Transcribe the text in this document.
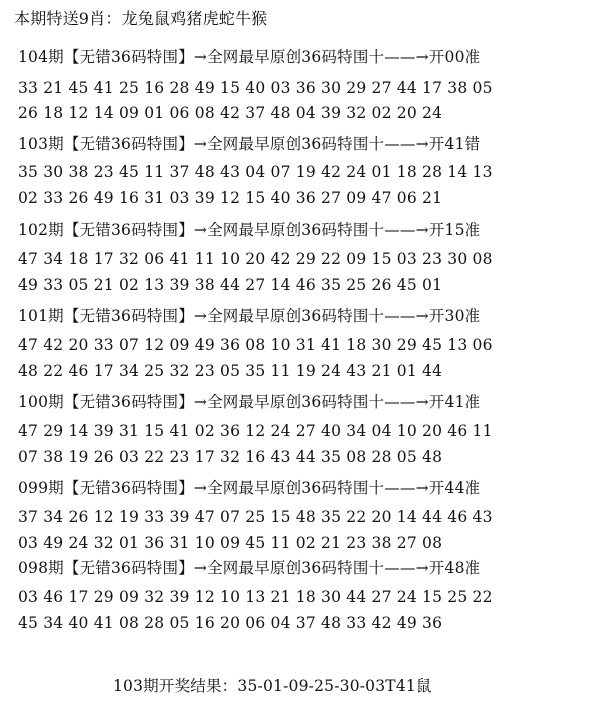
本期特送9肖：龙兔鼠鸡猪虎蛇牛猴
104期【无错36码特围】→全网最早原创36码特围十——→开00准
33 21 45 41 25 16 28 49 15 40 03 36 30 29 27 44 17 38 05
26 18 12 14 09 01 06 08 42 37 48 04 39 32 02 20 24
103期【无错36码特围】→全网最早原创36码特围十——→开41错
35 30 38 23 45 11 37 48 43 04 07 19 42 24 01 18 28 14 13
02 33 26 49 16 31 03 39 12 15 40 36 27 09 47 06 21
102期【无错36码特围】→全网最早原创36码特围十——→开15准
47 34 18 17 32 06 41 11 10 20 42 29 22 09 15 03 23 30 08
49 33 05 21 02 13 39 38 44 27 14 46 35 25 26 45 01
101期【无错36码特围】→全网最早原创36码特围十——→开30准
47 42 20 33 07 12 09 49 36 08 10 31 41 18 30 29 45 13 06
48 22 46 17 34 25 32 23 05 35 11 19 24 43 21 01 44
100期【无错36码特围】→全网最早原创36码特围十——→开41准
47 29 14 39 31 15 41 02 36 12 24 27 40 34 04 10 20 46 11
07 38 19 26 03 22 23 17 32 16 43 44 35 08 28 05 48
099期【无错36码特围】→全网最早原创36码特围十——→开44准
37 34 26 12 19 33 39 47 07 25 15 48 35 22 20 14 44 46 43
03 49 24 32 01 36 31 10 09 45 11 02 21 23 38 27 08
098期【无错36码特围】→全网最早原创36码特围十——→开48准
03 46 17 29 09 32 39 12 10 13 21 18 30 44 27 24 15 25 22
45 34 40 41 08 28 05 16 20 06 04 37 48 33 42 49 36
103期开奖结果：35-01-09-25-30-03T41鼠
